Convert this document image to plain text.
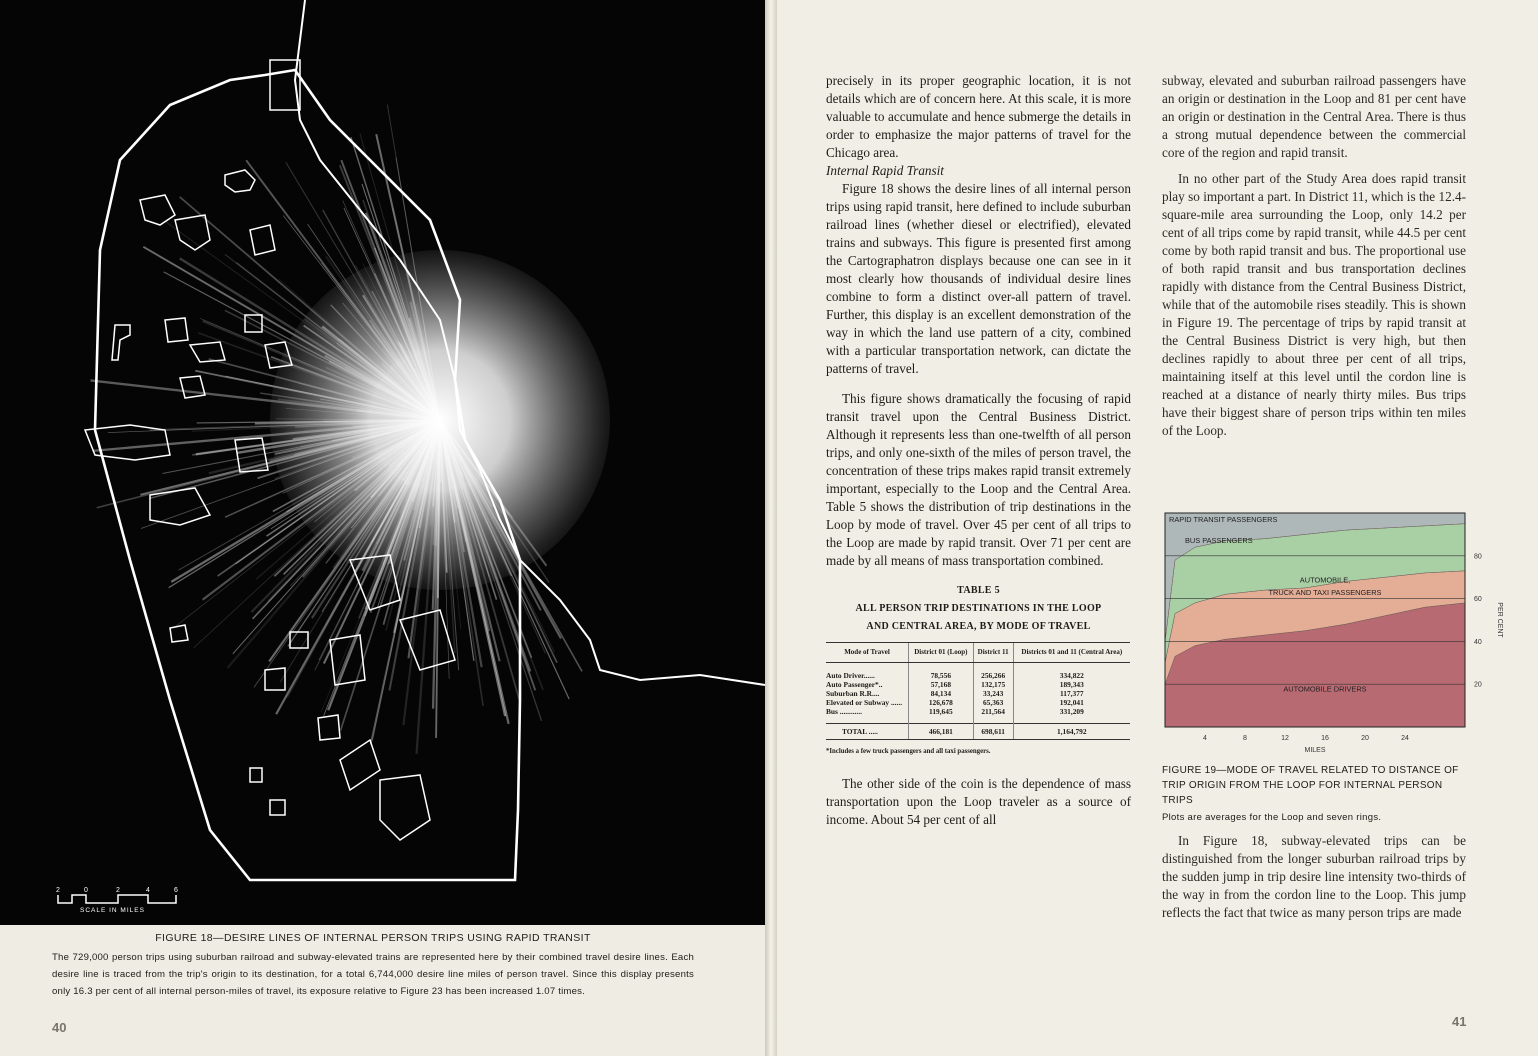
2	0	2	4	6
SCALE IN MILES
FIGURE 18—DESIRE LINES OF INTERNAL PERSON TRIPS USING RAPID TRANSIT
The 729,000 person trips using suburban railroad and subway-elevated trains are represented here by their combined travel desire lines. Each desire line is traced from the trip's origin to its destination, for a total 6,744,000 desire line miles of person travel. Since this display presents only 16.3 per cent of all internal person-miles of travel, its exposure relative to Figure 23 has been increased 1.07 times.
40

precisely in its proper geographic location, it is not details which are of concern here. At this scale, it is more valuable to accumulate and hence submerge the details in order to emphasize the major patterns of travel for the Chicago area.

Internal Rapid Transit

Figure 18 shows the desire lines of all internal person trips using rapid transit, here defined to include suburban railroad lines (whether diesel or electrified), elevated trains and subways. This figure is presented first among the Cartographatron displays because one can see in it most clearly how thousands of individual desire lines combine to form a distinct over-all pattern of travel. Further, this display is an excellent demonstration of the way in which the land use pattern of a city, combined with a particular transportation network, can dictate the patterns of travel.

This figure shows dramatically the focusing of rapid transit travel upon the Central Business District. Although it represents less than one-twelfth of all person trips, and only one-sixth of the miles of person travel, the concentration of these trips makes rapid transit extremely important, especially to the Loop and the Central Area. Table 5 shows the distribution of trip destinations in the Loop by mode of travel. Over 45 per cent of all trips to the Loop are made by rapid transit. Over 71 per cent are made by all means of mass transportation combined.

TABLE 5
ALL PERSON TRIP DESTINATIONS IN THE LOOP
AND CENTRAL AREA, BY MODE OF TRAVEL
Mode of Travel	District 01 (Loop)	District 11	Districts 01 and 11 (Central Area)

Auto Driver......	78,556	256,266	334,822
Auto Passenger*..	57,168	132,175	189,343
Suburban R.R....	84,134	33,243	117,377
Elevated or Subway ......	126,678	65,363	192,041
Bus ............	119,645	211,564	331,209

TOTAL .....	466,181	698,611	1,164,792
*Includes a few truck passengers and all taxi passengers.

The other side of the coin is the dependence of mass transportation upon the Loop traveler as a source of income. About 54 per cent of all

subway, elevated and suburban railroad passengers have an origin or destination in the Loop and 81 per cent have an origin or destination in the Central Area. There is thus a strong mutual dependence between the commercial core of the region and rapid transit.

In no other part of the Study Area does rapid transit play so important a part. In District 11, which is the 12.4-square-mile area surrounding the Loop, only 14.2 per cent of all trips come by rapid transit, while 44.5 per cent come by both rapid transit and bus. The proportional use of both rapid transit and bus transportation declines rapidly with distance from the Central Business District, while that of the automobile rises steadily. This is shown in Figure 19. The percentage of trips by rapid transit at the Central Business District is very high, but then declines rapidly to about three per cent of all trips, maintaining itself at this level until the cordon line is reached at a distance of nearly thirty miles. Bus trips have their biggest share of person trips within ten miles of the Loop.

4	8	12	16	20	24
20
40
60
80
MILES
PER CENT
RAPID TRANSIT PASSENGERS
BUS PASSENGERS
AUTOMOBILE,
TRUCK AND TAXI PASSENGERS
AUTOMOBILE DRIVERS
FIGURE 19—MODE OF TRAVEL RELATED TO DISTANCE OF TRIP ORIGIN FROM THE LOOP FOR INTERNAL PERSON TRIPS
Plots are averages for the Loop and seven rings.

In Figure 18, subway-elevated trips can be distinguished from the longer suburban railroad trips by the sudden jump in trip desire line intensity two-thirds of the way in from the cordon line to the Loop. This jump reflects the fact that twice as many person trips are made

41
